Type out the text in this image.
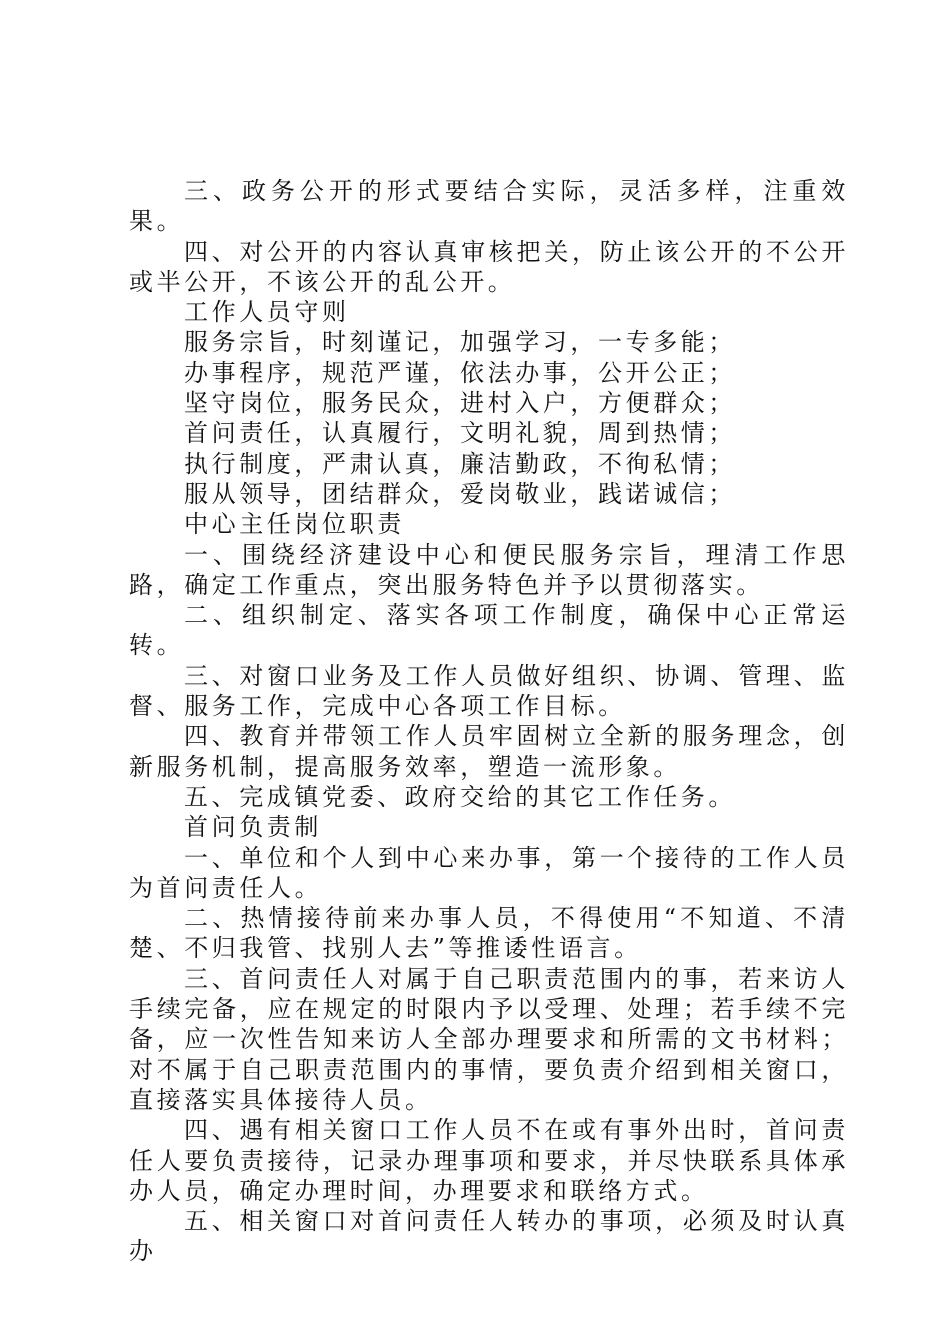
三、政务公开的形式要结合实际，灵活多样，注重效果。

四、对公开的内容认真审核把关，防止该公开的不公开或半公开，不该公开的乱公开。

工作人员守则

服务宗旨，时刻谨记，加强学习，一专多能；

办事程序，规范严谨，依法办事，公开公正；

坚守岗位，服务民众，进村入户，方便群众；

首问责任，认真履行，文明礼貌，周到热情；

执行制度，严肃认真，廉洁勤政，不徇私情；

服从领导，团结群众，爱岗敬业，践诺诚信；

中心主任岗位职责

一、围绕经济建设中心和便民服务宗旨，理清工作思路，确定工作重点，突出服务特色并予以贯彻落实。

二、组织制定、落实各项工作制度，确保中心正常运转。

三、对窗口业务及工作人员做好组织、协调、管理、监督、服务工作，完成中心各项工作目标。

四、教育并带领工作人员牢固树立全新的服务理念，创新服务机制，提高服务效率，塑造一流形象。

五、完成镇党委、政府交给的其它工作任务。

首问负责制

一、单位和个人到中心来办事，第一个接待的工作人员为首问责任人。

二、热情接待前来办事人员，不得使用“不知道、不清楚、不归我管、找别人去”等推诿性语言。

三、首问责任人对属于自己职责范围内的事，若来访人手续完备，应在规定的时限内予以受理、处理；若手续不完备，应一次性告知来访人全部办理要求和所需的文书材料；对不属于自己职责范围内的事情，要负责介绍到相关窗口，直接落实具体接待人员。

四、遇有相关窗口工作人员不在或有事外出时，首问责任人要负责接待，记录办理事项和要求，并尽快联系具体承办人员，确定办理时间，办理要求和联络方式。

五、相关窗口对首问责任人转办的事项，必须及时认真办
